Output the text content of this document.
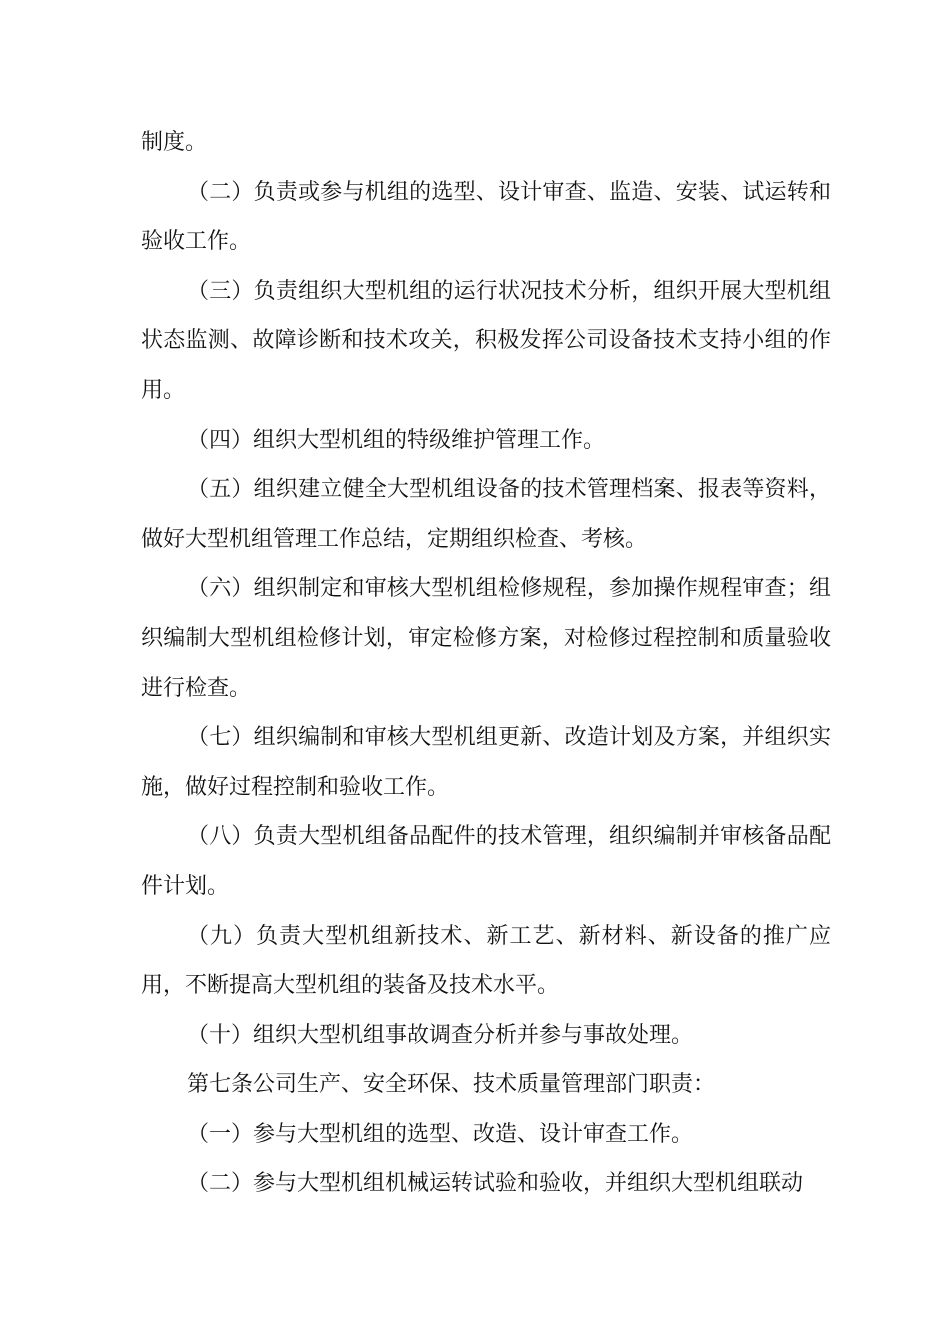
制度。

（二）负责或参与机组的选型、设计审查、监造、安装、试运转和验收工作。

（三）负责组织大型机组的运行状况技术分析，组织开展大型机组状态监测、故障诊断和技术攻关，积极发挥公司设备技术支持小组的作用。

（四）组织大型机组的特级维护管理工作。

（五）组织建立健全大型机组设备的技术管理档案、报表等资料，做好大型机组管理工作总结，定期组织检查、考核。

（六）组织制定和审核大型机组检修规程，参加操作规程审查；组织编制大型机组检修计划，审定检修方案，对检修过程控制和质量验收进行检查。

（七）组织编制和审核大型机组更新、改造计划及方案，并组织实施，做好过程控制和验收工作。

（八）负责大型机组备品配件的技术管理，组织编制并审核备品配件计划。

（九）负责大型机组新技术、新工艺、新材料、新设备的推广应用，不断提高大型机组的装备及技术水平。

（十）组织大型机组事故调查分析并参与事故处理。

第七条公司生产、安全环保、技术质量管理部门职责：

（一）参与大型机组的选型、改造、设计审查工作。

（二）参与大型机组机械运转试验和验收，并组织大型机组联动
